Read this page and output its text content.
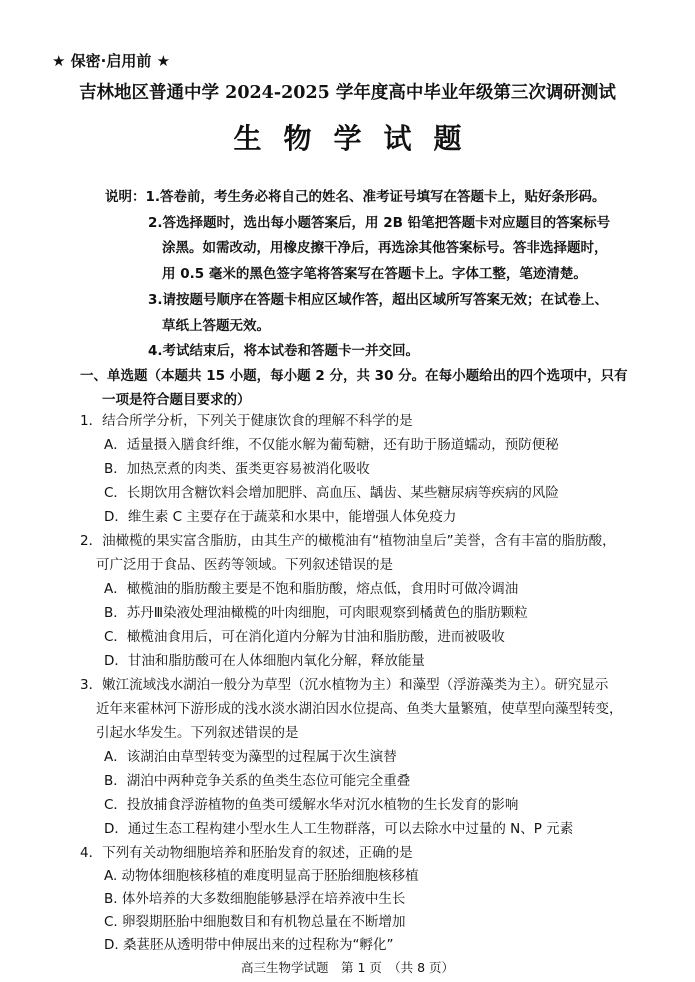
★ 保密·启用前 ★
吉林地区普通中学 2024-2025 学年度高中毕业年级第三次调研测试
生物学试题
说明：1.答卷前，考生务必将自己的姓名、准考证号填写在答题卡上，贴好条形码。
2.答选择题时，选出每小题答案后，用 2B 铅笔把答题卡对应题目的答案标号
涂黑。如需改动，用橡皮擦干净后，再选涂其他答案标号。答非选择题时，
用 0.5 毫米的黑色签字笔将答案写在答题卡上。字体工整，笔迹清楚。
3.请按题号顺序在答题卡相应区域作答，超出区域所写答案无效；在试卷上、
草纸上答题无效。
4.考试结束后，将本试卷和答题卡一并交回。
一、单选题（本题共 15 小题，每小题 2 分，共 30 分。在每小题给出的四个选项中，只有
一项是符合题目要求的）
1．结合所学分析，下列关于健康饮食的理解不科学的是
A．适量摄入膳食纤维，不仅能水解为葡萄糖，还有助于肠道蠕动，预防便秘
B．加热烹煮的肉类、蛋类更容易被消化吸收
C．长期饮用含糖饮料会增加肥胖、高血压、龋齿、某些糖尿病等疾病的风险
D．维生素 C 主要存在于蔬菜和水果中，能增强人体免疫力
2．油橄榄的果实富含脂肪，由其生产的橄榄油有“植物油皇后”美誉，含有丰富的脂肪酸，
可广泛用于食品、医药等领域。下列叙述错误的是
A．橄榄油的脂肪酸主要是不饱和脂肪酸，熔点低，食用时可做冷调油
B．苏丹Ⅲ染液处理油橄榄的叶肉细胞，可肉眼观察到橘黄色的脂肪颗粒
C．橄榄油食用后，可在消化道内分解为甘油和脂肪酸，进而被吸收
D．甘油和脂肪酸可在人体细胞内氧化分解，释放能量
3．嫩江流域浅水湖泊一般分为草型（沉水植物为主）和藻型（浮游藻类为主）。研究显示
近年来霍林河下游形成的浅水淡水湖泊因水位提高、鱼类大量繁殖，使草型向藻型转变，
引起水华发生。下列叙述错误的是
A．该湖泊由草型转变为藻型的过程属于次生演替
B．湖泊中两种竞争关系的鱼类生态位可能完全重叠
C．投放捕食浮游植物的鱼类可缓解水华对沉水植物的生长发育的影响
D．通过生态工程构建小型水生人工生物群落，可以去除水中过量的 N、P 元素
4．下列有关动物细胞培养和胚胎发育的叙述，正确的是
A. 动物体细胞核移植的难度明显高于胚胎细胞核移植
B. 体外培养的大多数细胞能够悬浮在培养液中生长
C. 卵裂期胚胎中细胞数目和有机物总量在不断增加
D. 桑葚胚从透明带中伸展出来的过程称为“孵化”
高三生物学试题　第 1 页　（共 8 页）
